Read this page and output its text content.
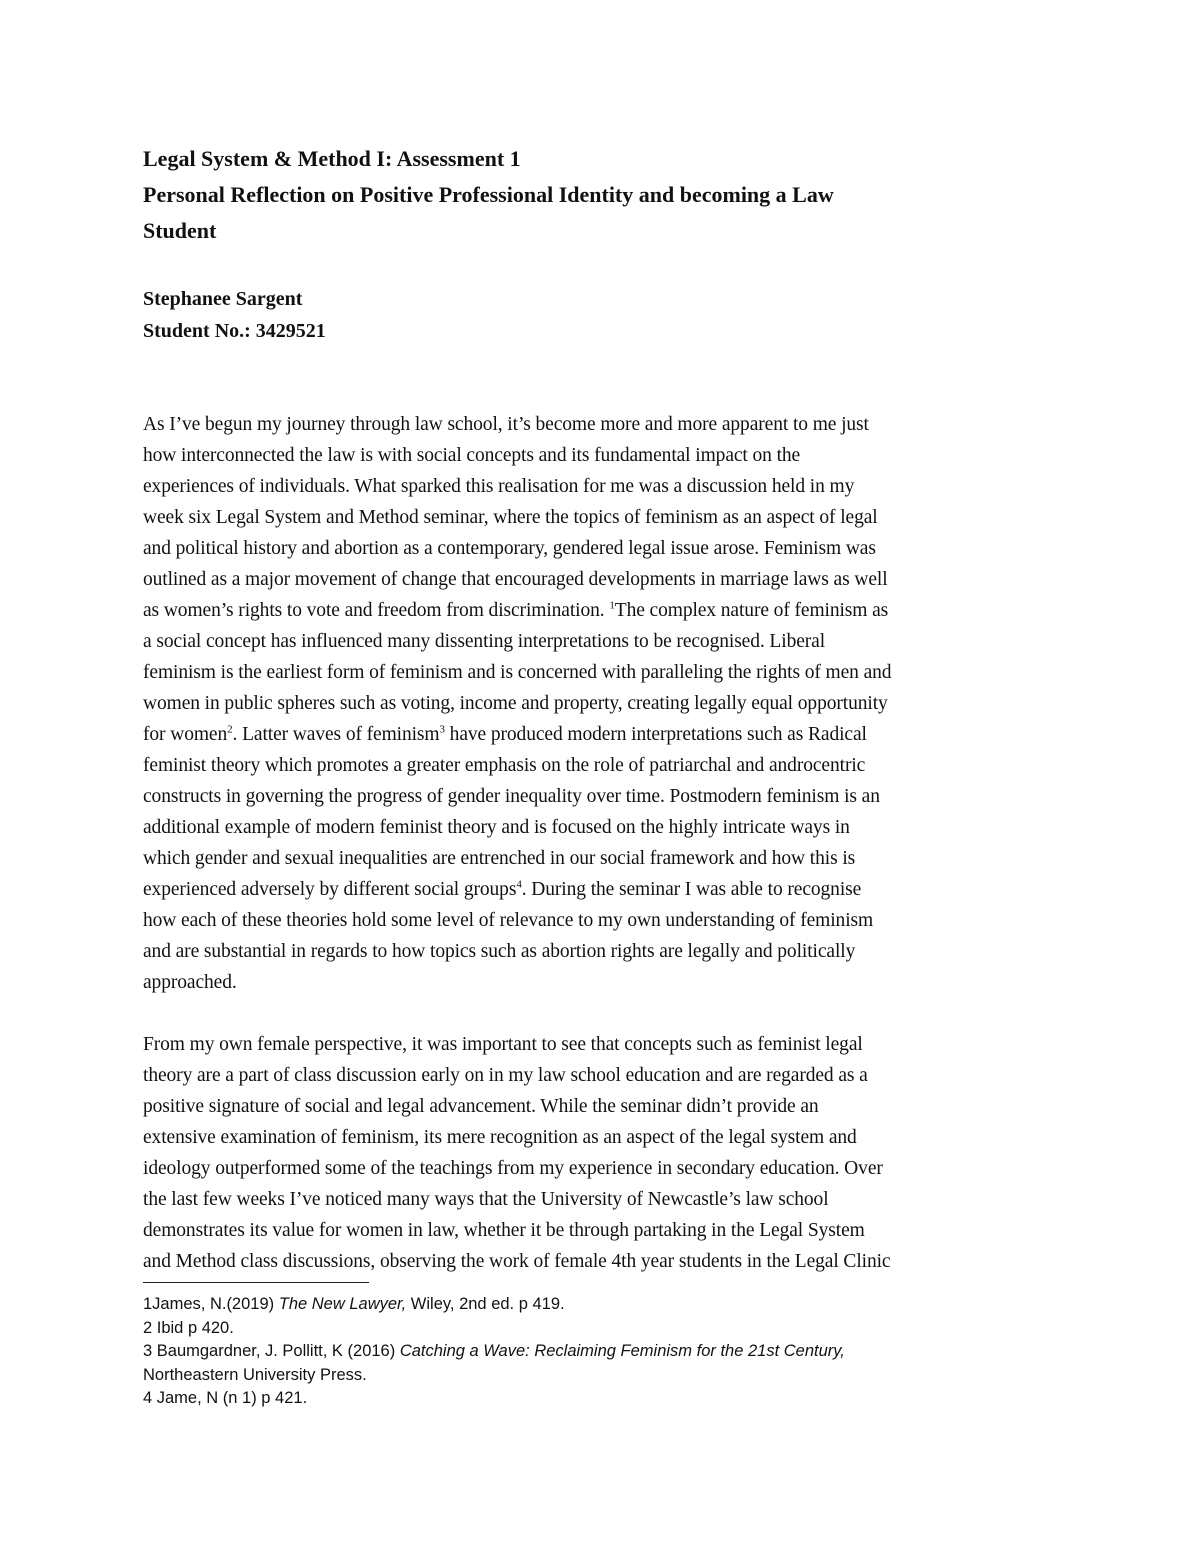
Legal System & Method I: Assessment 1

Personal Reflection on Positive Professional Identity and becoming a Law

Student

Stephanee Sargent

Student No.: 3429521

As I’ve begun my journey through law school, it’s become more and more apparent to me just
how interconnected the law is with social concepts and its fundamental impact on the
experiences of individuals. What sparked this realisation for me was a discussion held in my
week six Legal System and Method seminar, where the topics of feminism as an aspect of legal
and political history and abortion as a contemporary, gendered legal issue arose. Feminism was
outlined as a major movement of change that encouraged developments in marriage laws as well
as women’s rights to vote and freedom from discrimination. $^1$The complex nature of feminism as
a social concept has influenced many dissenting interpretations to be recognised. Liberal
feminism is the earliest form of feminism and is concerned with paralleling the rights of men and
women in public spheres such as voting, income and property, creating legally equal opportunity
for women$^2$. Latter waves of feminism$^3$ have produced modern interpretations such as Radical
feminist theory which promotes a greater emphasis on the role of patriarchal and androcentric
constructs in governing the progress of gender inequality over time. Postmodern feminism is an
additional example of modern feminist theory and is focused on the highly intricate ways in
which gender and sexual inequalities are entrenched in our social framework and how this is
experienced adversely by different social groups$^4$. During the seminar I was able to recognise
how each of these theories hold some level of relevance to my own understanding of feminism
and are substantial in regards to how topics such as abortion rights are legally and politically
approached.
From my own female perspective, it was important to see that concepts such as feminist legal
theory are a part of class discussion early on in my law school education and are regarded as a
positive signature of social and legal advancement. While the seminar didn’t provide an
extensive examination of feminism, its mere recognition as an aspect of the legal system and
ideology outperformed some of the teachings from my experience in secondary education. Over
the last few weeks I’ve noticed many ways that the University of Newcastle’s law school
demonstrates its value for women in law, whether it be through partaking in the Legal System
and Method class discussions, observing the work of female 4th year students in the Legal Clinic
1James, N.(2019) The New Lawyer, Wiley, 2nd ed. p 419.
2 Ibid p 420.
3 Baumgardner, J. Pollitt, K (2016) Catching a Wave: Reclaiming Feminism for the 21st Century,
Northeastern University Press.
4 Jame, N (n 1) p 421.
